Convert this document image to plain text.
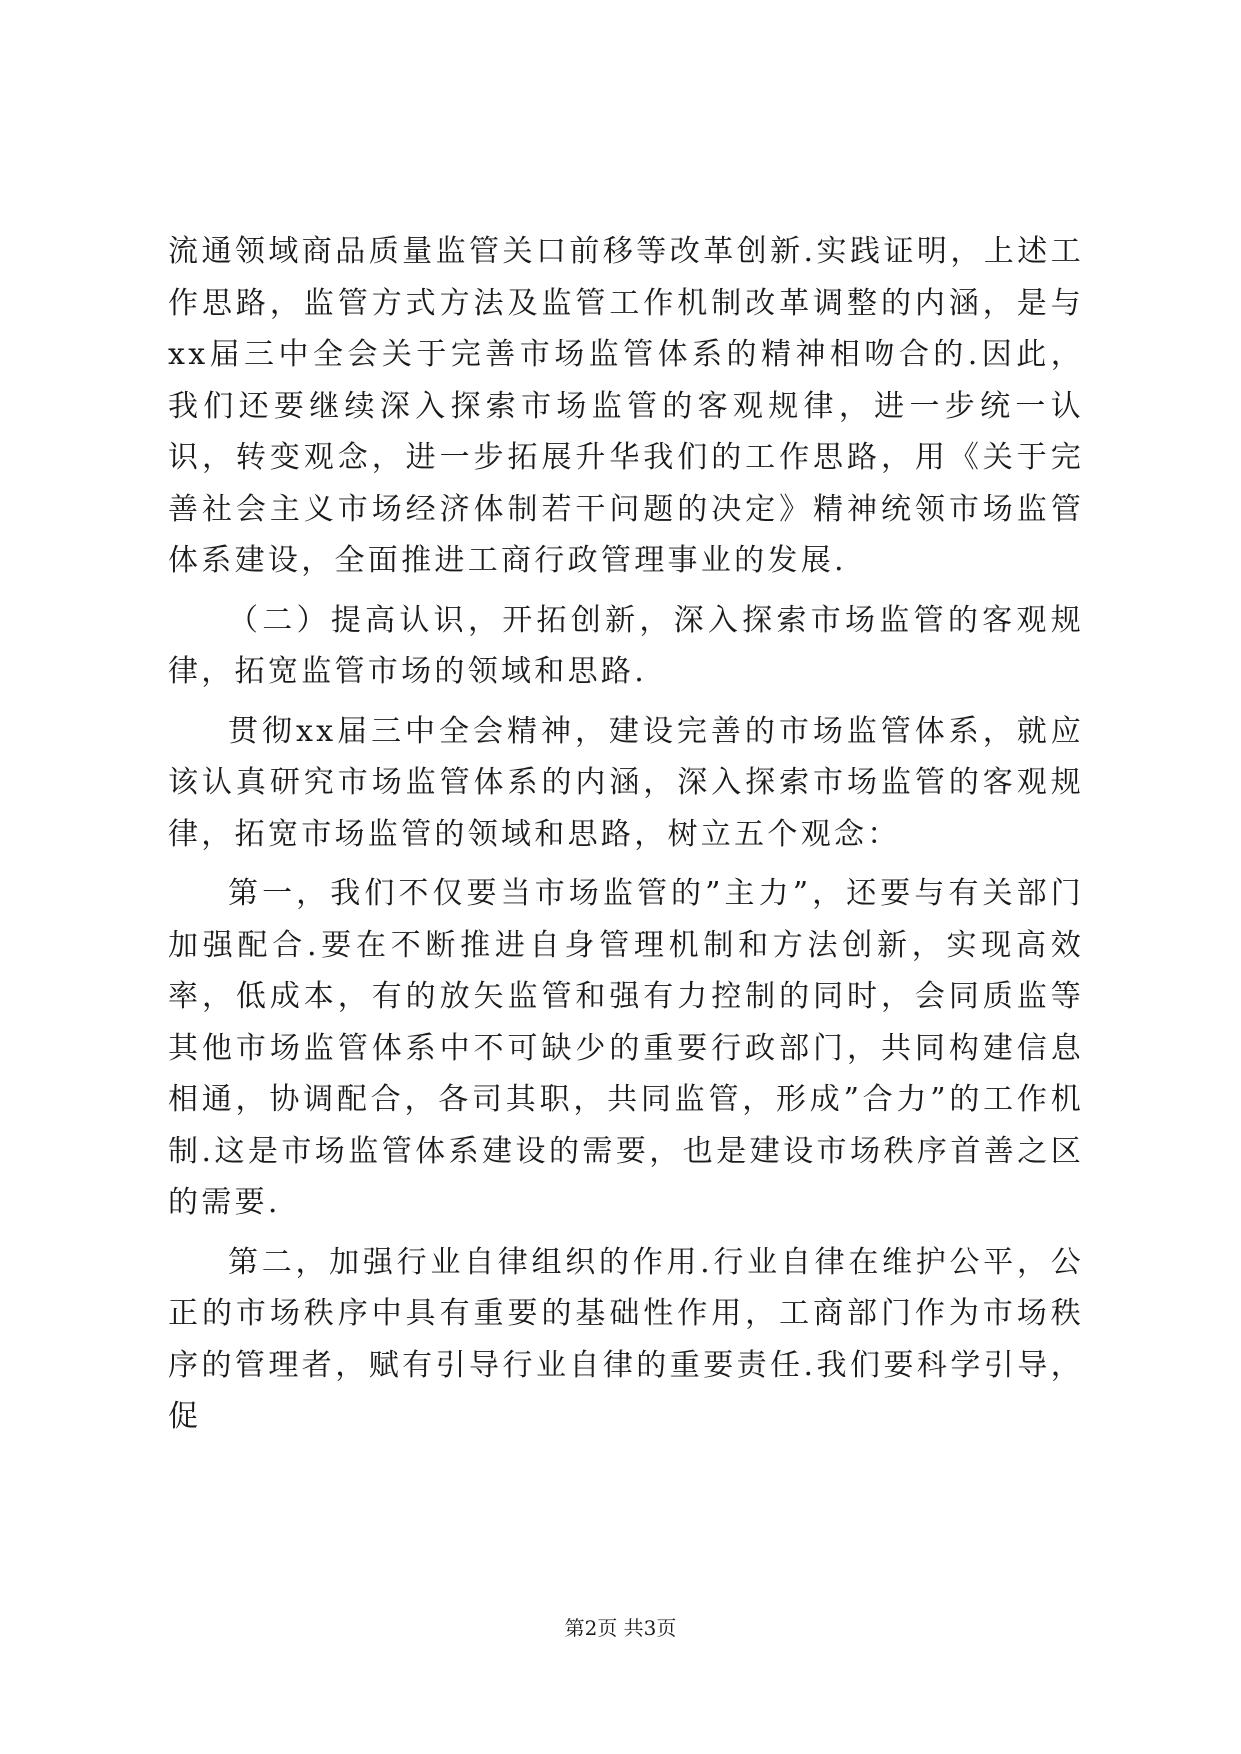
流通领域商品质量监管关口前移等改革创新.实践证明，上述工作思路，监管方式方法及监管工作机制改革调整的内涵，是与xx届三中全会关于完善市场监管体系的精神相吻合的.因此，我们还要继续深入探索市场监管的客观规律，进一步统一认识，转变观念，进一步拓展升华我们的工作思路，用《关于完善社会主义市场经济体制若干问题的决定》精神统领市场监管体系建设，全面推进工商行政管理事业的发展.

（二）提高认识，开拓创新，深入探索市场监管的客观规律，拓宽监管市场的领域和思路.

贯彻xx届三中全会精神，建设完善的市场监管体系，就应该认真研究市场监管体系的内涵，深入探索市场监管的客观规律，拓宽市场监管的领域和思路，树立五个观念：

第一，我们不仅要当市场监管的”主力”，还要与有关部门加强配合.要在不断推进自身管理机制和方法创新，实现高效率，低成本，有的放矢监管和强有力控制的同时，会同质监等其他市场监管体系中不可缺少的重要行政部门，共同构建信息相通，协调配合，各司其职，共同监管，形成”合力”的工作机制.这是市场监管体系建设的需要，也是建设市场秩序首善之区的需要.

第二，加强行业自律组织的作用.行业自律在维护公平，公正的市场秩序中具有重要的基础性作用，工商部门作为市场秩序的管理者，赋有引导行业自律的重要责任.我们要科学引导，促

第2页 共3页
